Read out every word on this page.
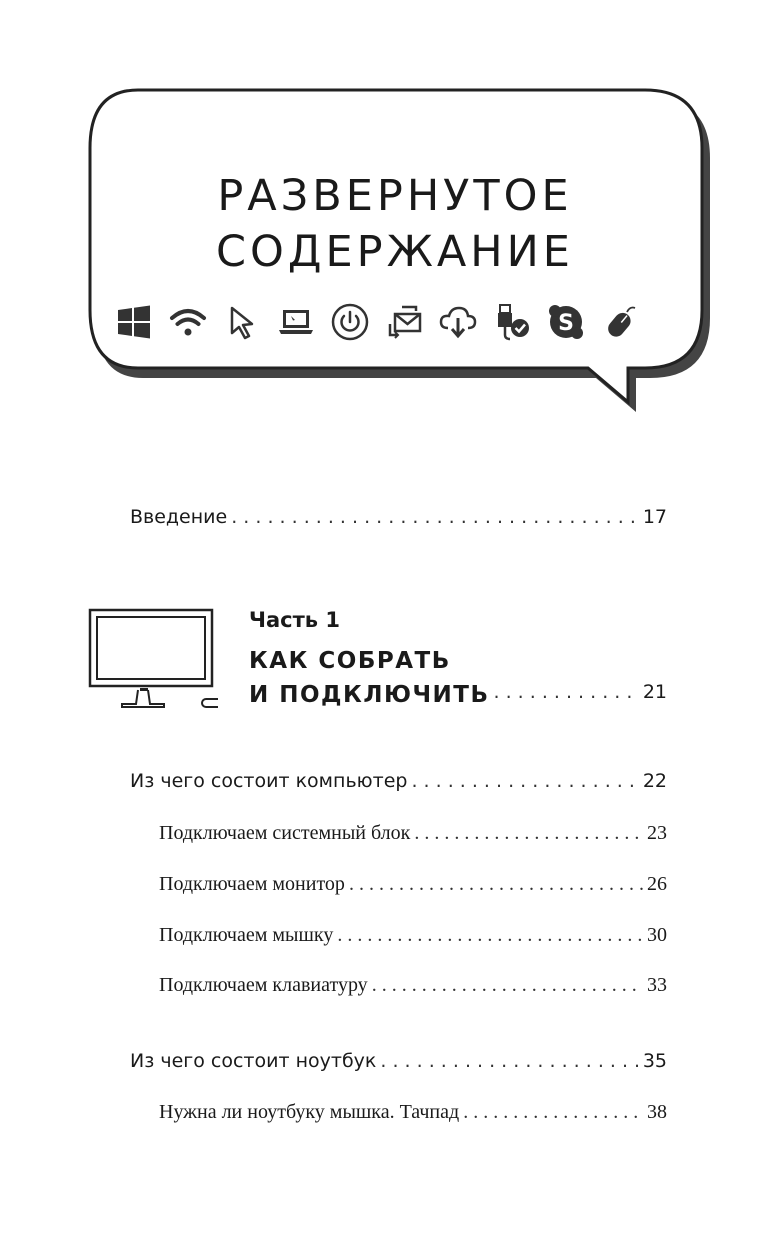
РАЗВЕРНУТОЕ
СОДЕРЖАНИЕ
S
Введение . . .	17
Часть 1
КАК СОБРАТЬ
И ПОДКЛЮЧИТЬ . . .	21
Из чего состоит компьютер . . .	22
Подключаем системный блок . . .	23
Подключаем монитор . . .	26
Подключаем мышку . . .	30
Подключаем клавиатуру . . .	33
Из чего состоит ноутбук . . .	35
Нужна ли ноутбуку мышка. Тачпад . . .	38
